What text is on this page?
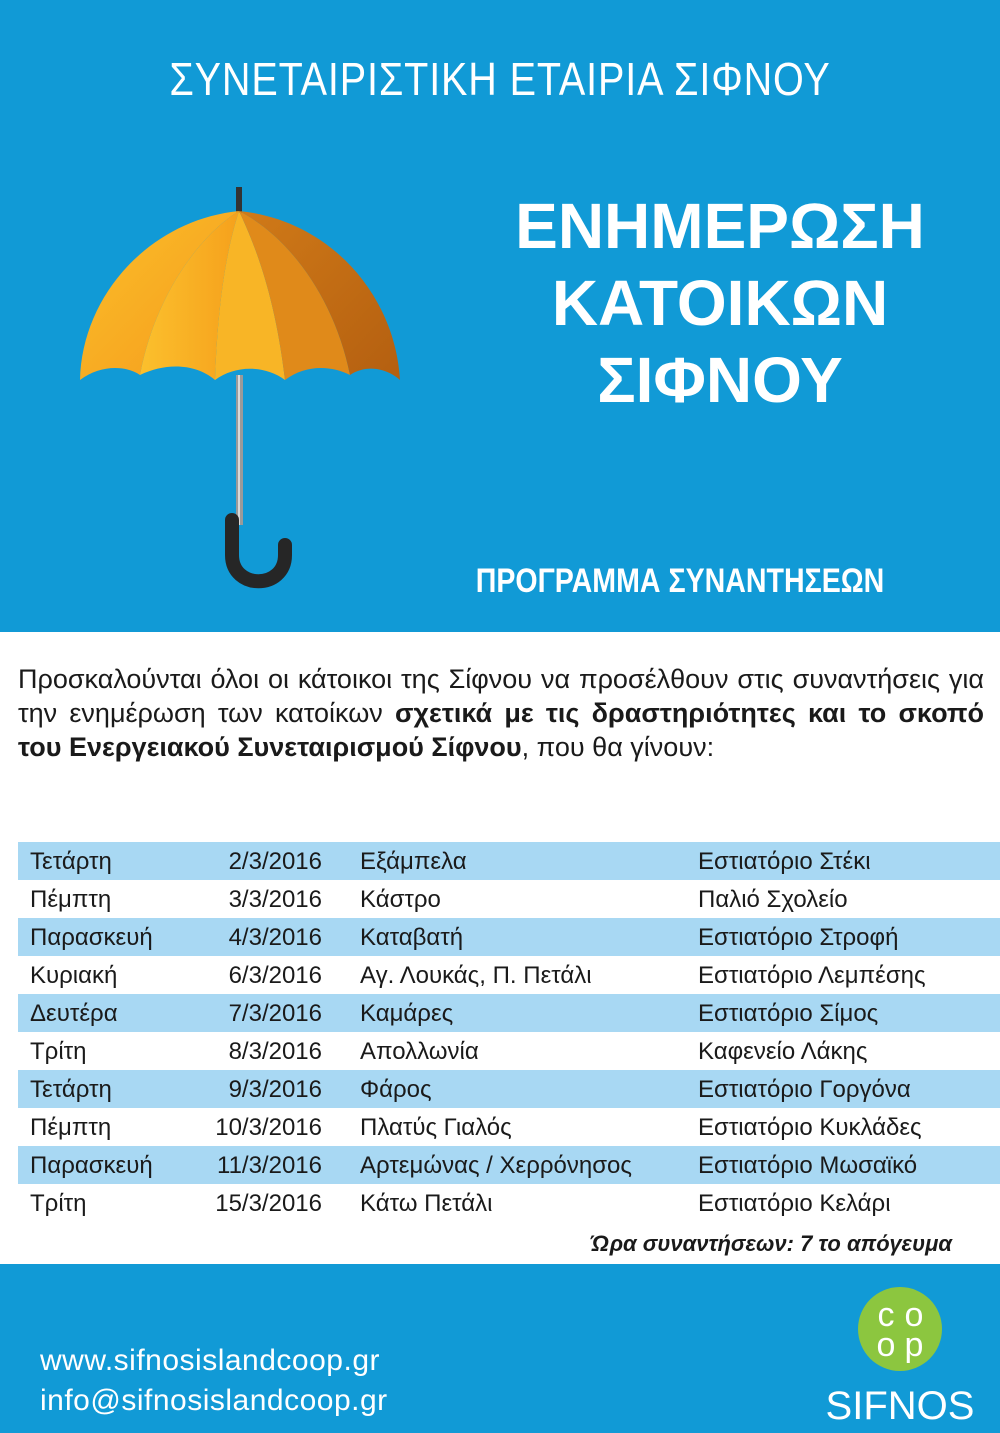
ΣΥΝΕΤΑΙΡΙΣΤΙΚΗ ΕΤΑΙΡΙΑ ΣΙΦΝΟΥ
ΕΝΗΜΕΡΩΣΗ
ΚΑΤΟΙΚΩΝ
ΣΙΦΝΟΥ
ΠΡΟΓΡΑΜΜΑ ΣΥΝΑΝΤΗΣΕΩΝ
Προσκαλούνται όλοι οι κάτοικοι της Σίφνου να προσέλθουν στις συναντήσεις για την ενημέρωση των κατοίκων σχετικά με τις δραστηριότητες και το σκοπό του Ενεργειακού Συνεταιρισμού Σίφνου, που θα γίνουν:
Τετάρτη	2/3/2016 Εξάμπελα	Εστιατόριο Στέκι
Πέμπτη	3/3/2016 Κάστρο	Παλιό Σχολείο
Παρασκευή	4/3/2016 Καταβατή	Εστιατόριο Στροφή
Κυριακή	6/3/2016 Αγ. Λουκάς, Π. Πετάλι	Εστιατόριο Λεμπέσης
Δευτέρα	7/3/2016 Καμάρες	Εστιατόριο Σίμος
Τρίτη	8/3/2016 Απολλωνία	Καφενείο Λάκης
Τετάρτη	9/3/2016 Φάρος	Εστιατόριο Γοργόνα
Πέμπτη	10/3/2016 Πλατύς Γιαλός	Εστιατόριο Κυκλάδες
Παρασκευή	11/3/2016 Αρτεμώνας / Χερρόνησος	Εστιατόριο Μωσαϊκό
Τρίτη	15/3/2016 Κάτω Πετάλι	Εστιατόριο Κελάρι
Ώρα συναντήσεων: 7 το απόγευμα
www.sifnosislandcoop.gr
info@sifnosislandcoop.gr
c o
o p
SIFNOS
